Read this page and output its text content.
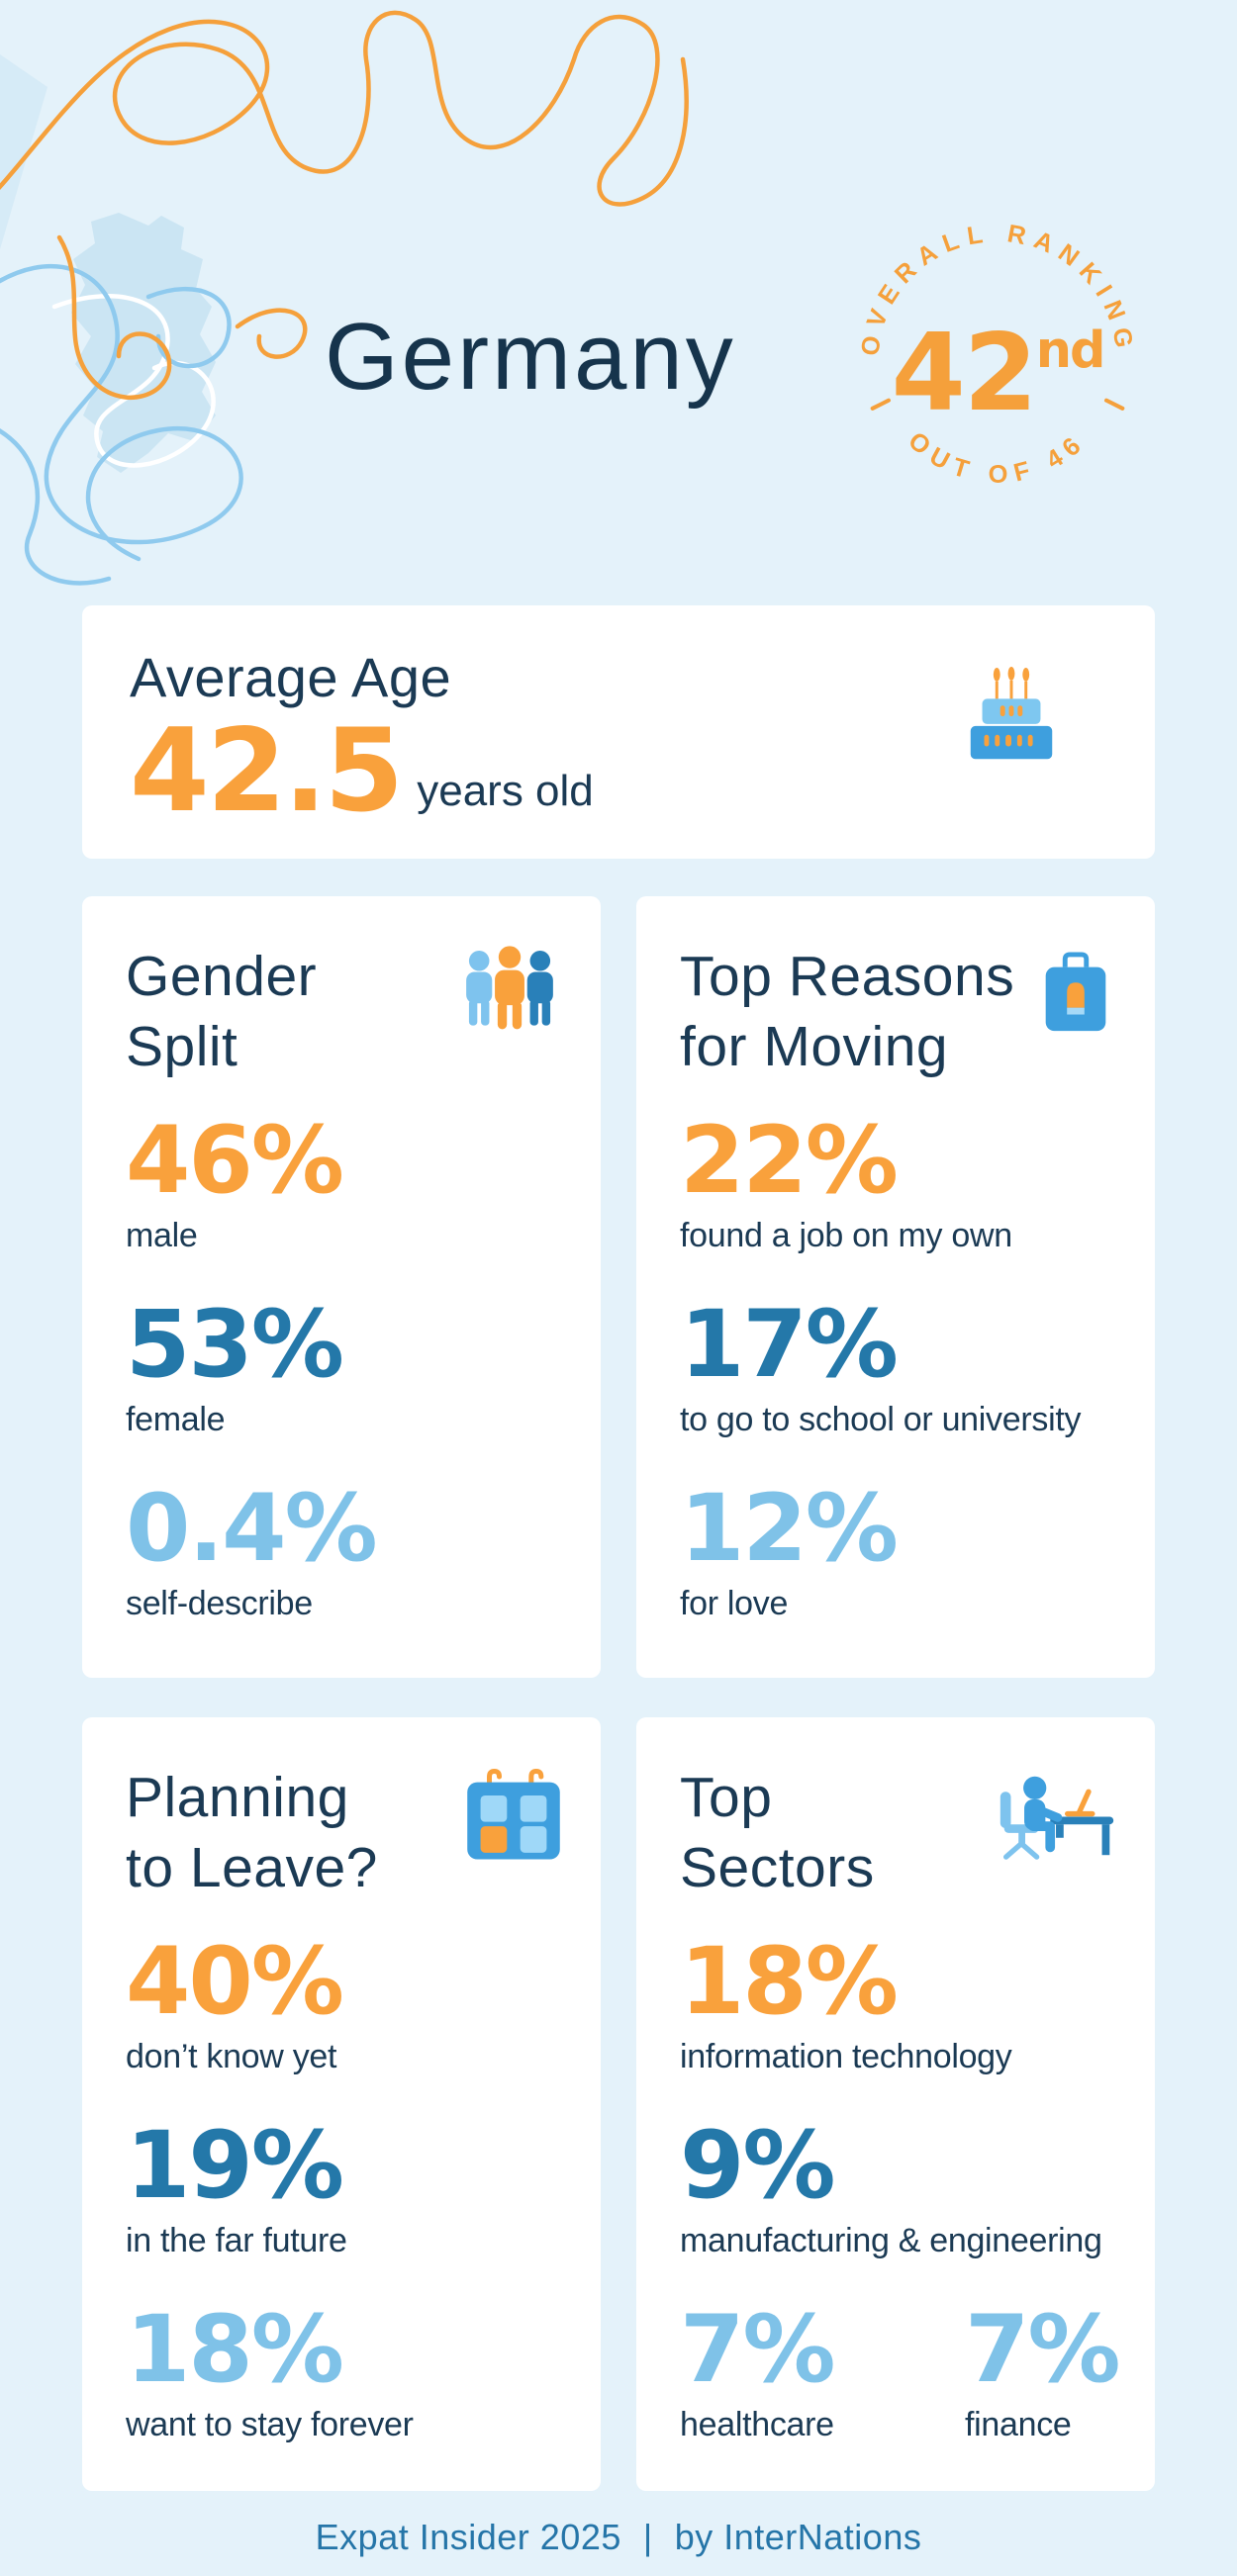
Germany	OVERALL RANKING
OUT OF 46
42nd
Average Age
42.5 years old
Gender
Split
46%
male
53%
female
0.4%
self-describe
Top Reasons
for Moving
22%
found a job on my own
17%
to go to school or university
12%
for love
Planning
to Leave?
40%
don’t know yet
19%
in the far future
18%
want to stay forever
Top
Sectors
18%
information technology
9%
manufacturing & engineering
7%
healthcare
7%
finance
Expat Insider 2025 | by InterNations
